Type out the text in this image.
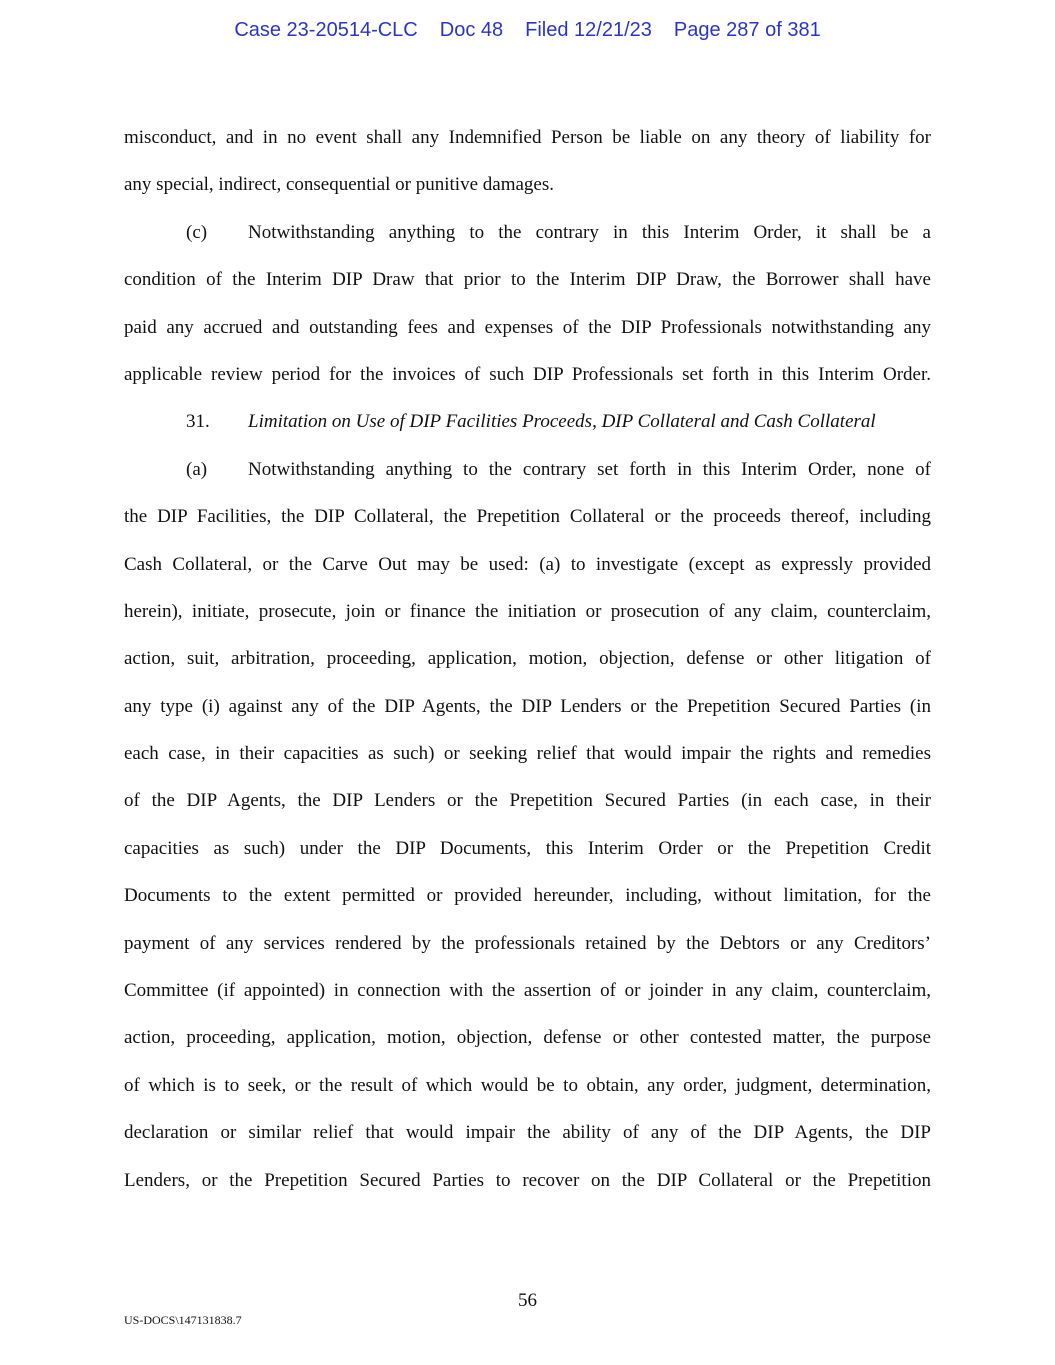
Case 23-20514-CLC Doc 48 Filed 12/21/23 Page 287 of 381
misconduct, and in no event shall any Indemnified Person be liable on any theory of liability for
any special, indirect, consequential or punitive damages.
(c) Notwithstanding anything to the contrary in this Interim Order, it shall be a
condition of the Interim DIP Draw that prior to the Interim DIP Draw, the Borrower shall have
paid any accrued and outstanding fees and expenses of the DIP Professionals notwithstanding any
applicable review period for the invoices of such DIP Professionals set forth in this Interim Order.
31. Limitation on Use of DIP Facilities Proceeds, DIP Collateral and Cash Collateral
(a) Notwithstanding anything to the contrary set forth in this Interim Order, none of
the DIP Facilities, the DIP Collateral, the Prepetition Collateral or the proceeds thereof, including
Cash Collateral, or the Carve Out may be used: (a) to investigate (except as expressly provided
herein), initiate, prosecute, join or finance the initiation or prosecution of any claim, counterclaim,
action, suit, arbitration, proceeding, application, motion, objection, defense or other litigation of
any type (i) against any of the DIP Agents, the DIP Lenders or the Prepetition Secured Parties (in
each case, in their capacities as such) or seeking relief that would impair the rights and remedies
of the DIP Agents, the DIP Lenders or the Prepetition Secured Parties (in each case, in their
capacities as such) under the DIP Documents, this Interim Order or the Prepetition Credit
Documents to the extent permitted or provided hereunder, including, without limitation, for the
payment of any services rendered by the professionals retained by the Debtors or any Creditors’
Committee (if appointed) in connection with the assertion of or joinder in any claim, counterclaim,
action, proceeding, application, motion, objection, defense or other contested matter, the purpose
of which is to seek, or the result of which would be to obtain, any order, judgment, determination,
declaration or similar relief that would impair the ability of any of the DIP Agents, the DIP
Lenders, or the Prepetition Secured Parties to recover on the DIP Collateral or the Prepetition
56
US-DOCS\147131838.7
